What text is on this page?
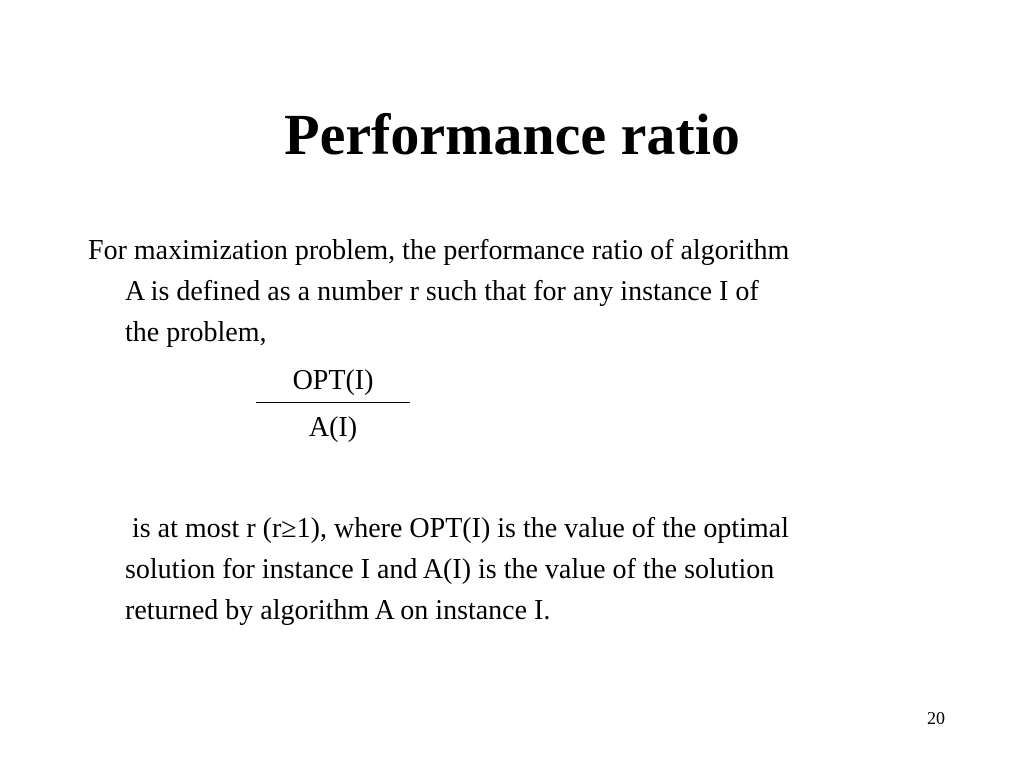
Performance ratio

For maximization problem, the performance ratio of algorithm
A is defined as a number r such that for any instance I of
the problem,

OPT(I)
A(I)

is at most r (r≥1), where OPT(I) is the value of the optimal
solution for instance I and A(I) is the value of the solution
returned by algorithm A on instance I.

20
